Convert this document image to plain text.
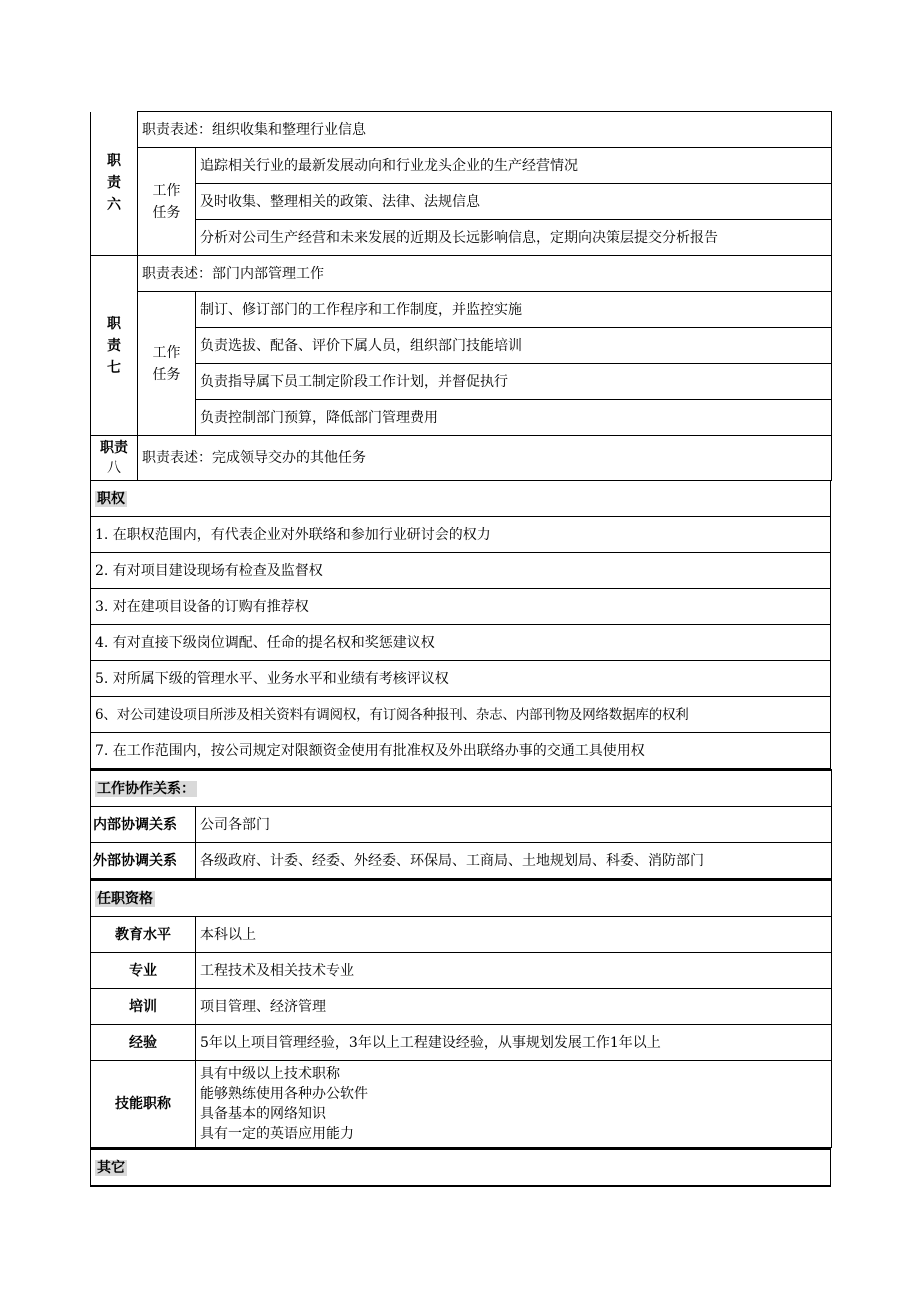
职
责
六	职责表述：组织收集和整理行业信息	

	工作
任务	追踪相关行业的最新发展动向和行业龙头企业的生产经营情况
		及时收集、整理相关的政策、法律、法规信息
		分析对公司生产经营和未来发展的近期及长远影响信息，定期向决策层提交分析报告

职
责
七	职责表述：部门内部管理工作	

	工作
任务	制订、修订部门的工作程序和工作制度，并监控实施
		负责选拔、配备、评价下属人员，组织部门技能培训
		负责指导属下员工制定阶段工作计划，并督促执行
		负责控制部门预算，降低部门管理费用

职责
八	职责表述：完成领导交办的其他任务	
职权
1. 在职权范围内，有代表企业对外联络和参加行业研讨会的权力
2. 有对项目建设现场有检查及监督权
3. 对在建项目设备的订购有推荐权
4. 有对直接下级岗位调配、任命的提名权和奖惩建议权
5. 对所属下级的管理水平、业务水平和业绩有考核评议权
6、对公司建设项目所涉及相关资料有调阅权，有订阅各种报刊、杂志、内部刊物及网络数据库的权利
7. 在工作范围内，按公司规定对限额资金使用有批准权及外出联络办事的交通工具使用权
工作协作关系：	
内部协调关系	公司各部门
外部协调关系	各级政府、计委、经委、外经委、环保局、工商局、土地规划局、科委、消防部门
任职资格	
教育水平	本科以上
专业	工程技术及相关技术专业
培训	项目管理、经济管理
经验	5年以上项目管理经验，3年以上工程建设经验，从事规划发展工作1年以上
技能职称	具有中级以上技术职称
能够熟练使用各种办公软件
具备基本的网络知识
具有一定的英语应用能力
其它
